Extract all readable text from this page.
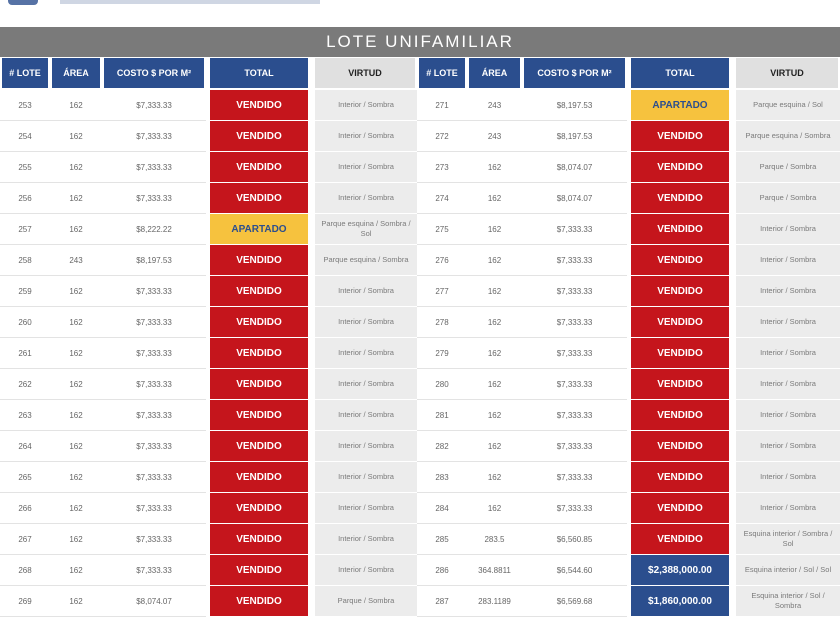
LOTE UNIFAMILIAR
# LOTE	ÁREA	COSTO $ POR M²	TOTAL	VIRTUD	# LOTE	ÁREA	COSTO $ POR M²	TOTAL	VIRTUD
253	162	$7,333.33	VENDIDO	Interior / Sombra	271	243	$8,197.53	APARTADO	Parque esquina / Sol
254	162	$7,333.33	VENDIDO	Interior / Sombra	272	243	$8,197.53	VENDIDO	Parque esquina / Sombra
255	162	$7,333.33	VENDIDO	Interior / Sombra	273	162	$8,074.07	VENDIDO	Parque / Sombra
256	162	$7,333.33	VENDIDO	Interior / Sombra	274	162	$8,074.07	VENDIDO	Parque / Sombra
257	162	$8,222.22	APARTADO	Parque esquina / Sombra / Sol	275	162	$7,333.33	VENDIDO	Interior / Sombra
258	243	$8,197.53	VENDIDO	Parque esquina / Sombra	276	162	$7,333.33	VENDIDO	Interior / Sombra
259	162	$7,333.33	VENDIDO	Interior / Sombra	277	162	$7,333.33	VENDIDO	Interior / Sombra
260	162	$7,333.33	VENDIDO	Interior / Sombra	278	162	$7,333.33	VENDIDO	Interior / Sombra
261	162	$7,333.33	VENDIDO	Interior / Sombra	279	162	$7,333.33	VENDIDO	Interior / Sombra
262	162	$7,333.33	VENDIDO	Interior / Sombra	280	162	$7,333.33	VENDIDO	Interior / Sombra
263	162	$7,333.33	VENDIDO	Interior / Sombra	281	162	$7,333.33	VENDIDO	Interior / Sombra
264	162	$7,333.33	VENDIDO	Interior / Sombra	282	162	$7,333.33	VENDIDO	Interior / Sombra
265	162	$7,333.33	VENDIDO	Interior / Sombra	283	162	$7,333.33	VENDIDO	Interior / Sombra
266	162	$7,333.33	VENDIDO	Interior / Sombra	284	162	$7,333.33	VENDIDO	Interior / Sombra
267	162	$7,333.33	VENDIDO	Interior / Sombra	285	283.5	$6,560.85	VENDIDO	Esquina interior / Sombra / Sol
268	162	$7,333.33	VENDIDO	Interior / Sombra	286	364.8811	$6,544.60	$2,388,000.00	Esquina interior / Sol / Sol
269	162	$8,074.07	VENDIDO	Parque / Sombra	287	283.1189	$6,569.68	$1,860,000.00	Esquina interior / Sol / Sombra
